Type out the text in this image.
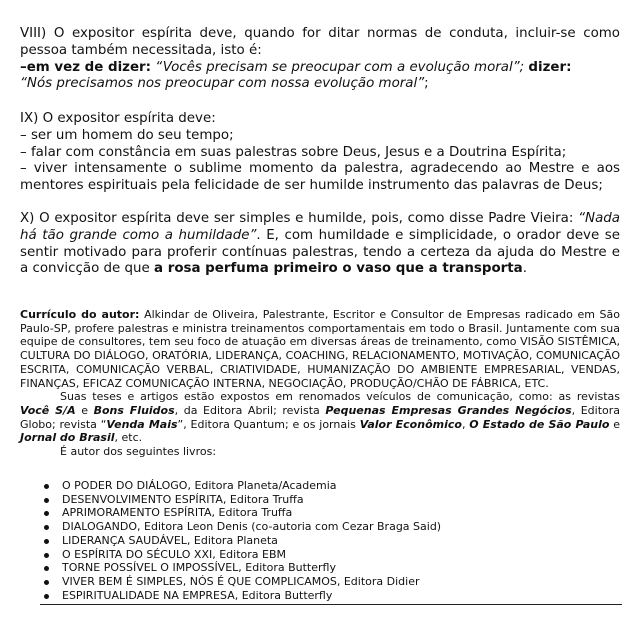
VIII) O expositor espírita deve, quando for ditar normas de conduta, incluir-se como pessoa também necessitada, isto é:
–em vez de dizer: “Vocês precisam se preocupar com a evolução moral”; dizer:
“Nós precisamos nos preocupar com nossa evolução moral”;

IX) O expositor espírita deve:

– ser um homem do seu tempo;

– falar com constância em suas palestras sobre Deus, Jesus e a Doutrina Espírita;

– viver intensamente o sublime momento da palestra, agradecendo ao Mestre e aos mentores espirituais pela felicidade de ser humilde instrumento das palavras de Deus;

X) O expositor espírita deve ser simples e humilde, pois, como disse Padre Vieira: “Nada há tão grande como a humildade”. E, com humildade e simplicidade, o orador deve se sentir motivado para proferir contínuas palestras, tendo a certeza da ajuda do Mestre e a convicção de que a rosa perfuma primeiro o vaso que a transporta.

Currículo do autor: Alkindar de Oliveira, Palestrante, Escritor e Consultor de Empresas radicado em São Paulo-SP, profere palestras e ministra treinamentos comportamentais em todo o Brasil. Juntamente com sua equipe de consultores, tem seu foco de atuação em diversas áreas de treinamento, como VISÃO SISTÊMICA, CULTURA DO DIÁLOGO, ORATÓRIA, LIDERANÇA, COACHING, RELACIONAMENTO, MOTIVAÇÃO, COMUNICAÇÃO ESCRITA, COMUNICAÇÃO VERBAL, CRIATIVIDADE, HUMANIZAÇÃO DO AMBIENTE EMPRESARIAL, VENDAS, FINANÇAS, EFICAZ COMUNICAÇÃO INTERNA, NEGOCIAÇÃO, PRODUÇÃO/CHÃO DE FÁBRICA, ETC.

Suas teses e artigos estão expostos em renomados veículos de comunicação, como: as revistas Você S/A e Bons Fluidos, da Editora Abril; revista Pequenas Empresas Grandes Negócios, Editora Globo; revista “Venda Mais”, Editora Quantum; e os jornais Valor Econômico, O Estado de São Paulo e Jornal do Brasil, etc.

É autor dos seguintes livros:

O PODER DO DIÁLOGO, Editora Planeta/Academia
DESENVOLVIMENTO ESPÍRITA, Editora Truffa
APRIMORAMENTO ESPÍRITA, Editora Truffa
DIALOGANDO, Editora Leon Denis (co-autoria com Cezar Braga Said)
LIDERANÇA SAUDÁVEL, Editora Planeta
O ESPÍRITA DO SÉCULO XXI, Editora EBM
TORNE POSSÍVEL O IMPOSSÍVEL, Editora Butterfly
VIVER BEM É SIMPLES, NÓS É QUE COMPLICAMOS, Editora Didier
ESPIRITUALIDADE NA EMPRESA, Editora Butterfly
